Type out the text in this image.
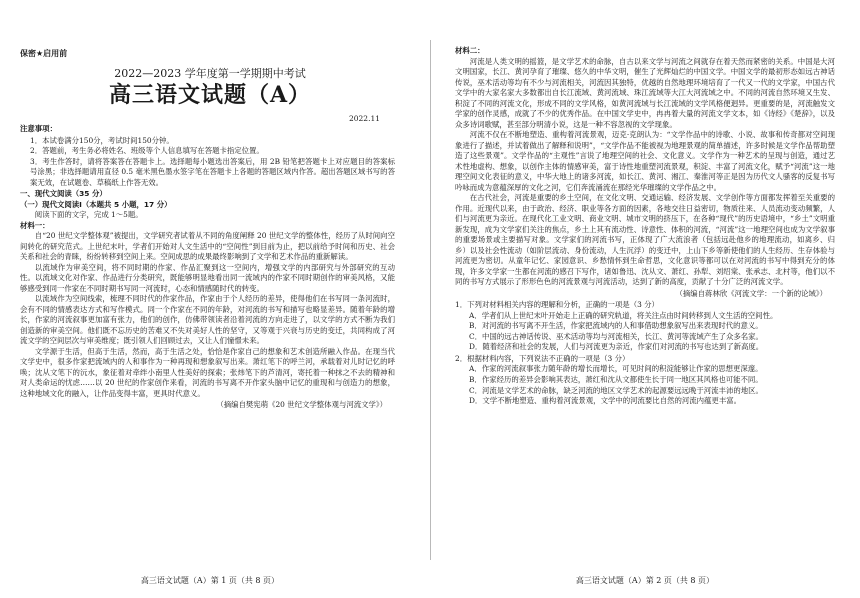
保密★启用前
2022—2023 学年度第一学期期中考试
高三语文试题（A）
2022.11

注意事项：

1．本试卷满分150分，考试时间150分钟。

2．答题前，考生务必将姓名、班级等个人信息填写在答题卡指定位置。

3．考生作答时，请将答案答在答题卡上。选择题每小题选出答案后，用 2B 铅笔把答题卡上对应题目的答案标号涂黑；非选择题请用直径 0.5 毫米黑色墨水签字笔在答题卡上各题的答题区域内作答。超出答题区域书写的答案无效，在试题卷、草稿纸上作答无效。

一、现代文阅读（35 分）

（一）现代文阅读Ⅰ（本题共 5 小题，17 分）

阅读下面的文字，完成 1～5题。

材料一：

自“20 世纪文学整体观”被提出，文学研究者试着从不同的角度阐释 20 世纪文学的整体性，经历了从时间向空间转化的研究范式。上世纪末叶，学者们开始对人文生活中的“空间性”到目前为止，把以前给予时间和历史、社会关系和社会的青睐，纷纷转移到空间上来。空间成思的成果最终影响到了文学和艺术作品的重新解读。

以流域作为审美空间，将不同时期的作家、作品汇聚到这一空间内，增强文学的内部研究与外部研究的互动性。以流域文化对作家、作品进行分类研究，既能够明显地看出同一流域内的作家不同时期创作的审美风格，又能够感受到同一作家在不同时期书写同一河流时，心态和情感随时代的转变。

以流域作为空间线索，梳理不同时代的作家作品，作家由于个人经历的差异，使得他们在书写同一条河流时，会有不同的情感表达方式和写作模式。同一个作家在不同的年龄，对河流的书写和描写也略显差异。随着年龄的增长，作家的河流叙事更加富有张力，他们的创作，仿佛带领读者沿着河流的方向走进了，以文学的方式不断为我们创造新的审美空间。他们既不忘历史的苦难又不失对美好人性的坚守，又等观于兴衰与历史的变迁，共同构成了河流文学的空间层次与审美维度；既引领人们回顾过去，又让人们憧憬未来。

文学源于生活，但高于生活，然而，高于生活之处，恰恰是作家自己的想象和艺术创造所融入作品。在现当代文学史中，很多作家把流域内的人和事作为一种再现和想象叙写出来。萧红笔下的呼兰河，承载着对儿时记忆的呼唤；沈从文笔下的沅水，象征着对牵绊小南里人性美好的探索；张炜笔下的芦清河，寄托着一种抹之不去的精神和对人类命运的忧虑……以 20 世纪的作家创作来看，河流的书写离不开作家头脑中记忆的重现和与创造力的想象，这种地域文化的融入，让作品变得丰富，更具时代意义。

（摘编自樊宪萌《20 世纪文学整体观与河流文学》）

高三语文试题（A）第 1 页（共 8 页）

材料二：

河流是人类文明的摇篮，是文学艺术的命脉，自古以来文学与河流之间就存在着天然而紧密的关系。中国是大河文明国家，长江、黄河孕育了璀璨、悠久的中华文明，催生了光辉灿烂的中国文学。中国文学的最初形态如远古神话传说，巫术活动等均有不少与河流相关，河流因其独特，优越的自然地理环境培育了一代又一代的文学家，中国古代文学中的大家名家大多数都出自长江流域、黄河流域、珠江流域等大江大河流域之中。不同的河流自然环境又生发、积淀了不同的河流文化，形成不同的文学风格，如黄河流域与长江流域的文学风格便迥异。更重要的是，河流触发文学家的创作灵感，成就了不少的优秀作品。在中国文学史中，冉冉着大量的河流文学文本，如《诗经》《楚辞》，以及众多诗词歌赋，甚至部分明清小说，这是一种不容忽视的文学现象。

河流不仅在不断地塑造、重构着河流景观，迈克·克朗认为：“文学作品中的诗歌、小说、故事和传奇都对空间现象进行了描述，并试着做出了解释和说明”，“文学作品不能被视为地理景观的简单描述，许多时候是文学作品帮助塑造了这些景观”。文学作品的“主观性”言说了地理空间的社会、文化意义。文学作为一种艺术的呈现与创造，通过艺术性地虚构、想象，以创作主体的情感审美，富于诗性地重塑河流景观，积淀、丰富了河流文化，赋予“河流”这一地理空间文化表征的意义，中华大地上的诸多河流，如长江、黄河、湘江、秦淮河等正是因为历代文人骚客的反复书写吟咏而成为意蕴深厚的文化之河，它们奔流涌流在那经光华璀璨的文学作品之中。

在古代社会，河流是重要的乡土空间，在文化文明、交通运输、经济发展、文学创作等方面都发挥着至关重要的作用。近现代以来，由于政治、经济、职业等各方面的因素，各地交往日益密切，物质往来、人员流动变动频繁，人们与河流更为亲近。在现代化工业文明、商业文明、城市文明的挤压下，在各种“现代”的历史语境中，“乡土”文明重新发现，成为文学家们关注的焦点，乡土上其有流动性、诗意性、体积的河流，“河流”这一地理空间也成为文学叙事的重要场景或主要描写对象。文学家们的河流书写，正体现了广大流浪者（包括远赴他乡的地理流动，如离乡、归乡）以及社会性流动（如阶层流动、身份流动，人生沉浮）的变迁中，上山下乡等新使他们的人生经历、生存体验与河流更为密切。从童年记忆、家园意识、乡愁情怀到生命哲思，文化意识等都可以在对河流的书写中得到充分的体现，许多文学家一生都在河流的感召下写作，诸如鲁迅、沈从文、萧红、孙犁、刘绍棠、张承志、北村等，他们以不同的书写方式展示了形形色色的河流景观与河流活动，达到了新的高度，贡献了十分广泛的河流文学。

（摘编自蒋林欣《河流文学：一个新的论域》）

1．下列对材料相关内容的理解和分析，正确的一项是（3 分）

A．学者们从上世纪末叶开始走上正确的研究轨道，将关注点由时间转移到人文生活的空间性。

B．对河流的书写离不开生活，作家把流域内的人和事借助想象叙写出来表现时代的意义。

C．中国的远古神话传说、巫术活动等均与河流相关，长江、黄河等流域产生了众多名家。

D．随着经济和社会的发展，人们与河流更为亲近，作家们对河流的书写也达到了新高度。

2．根据材料内容，下列说法不正确的一项是（3 分）

A．作家的河流叙事张力随年龄的增长而增长，可见时间的积淀能够让作家的思想更深邃。

B．作家经历的差异会影响其表达，萧红和沈从文都使生长于同一地区其风格也可能不同。

C．河流是文学艺术的命脉，缺乏河流的地区文学艺术的起源要远远晚于河流丰沛的地区。

D．文学不断地塑造、重构着河流景观，文学中的河流要比自然的河流内蕴更丰富。

高三语文试题（A）第 2 页（共 8 页）
